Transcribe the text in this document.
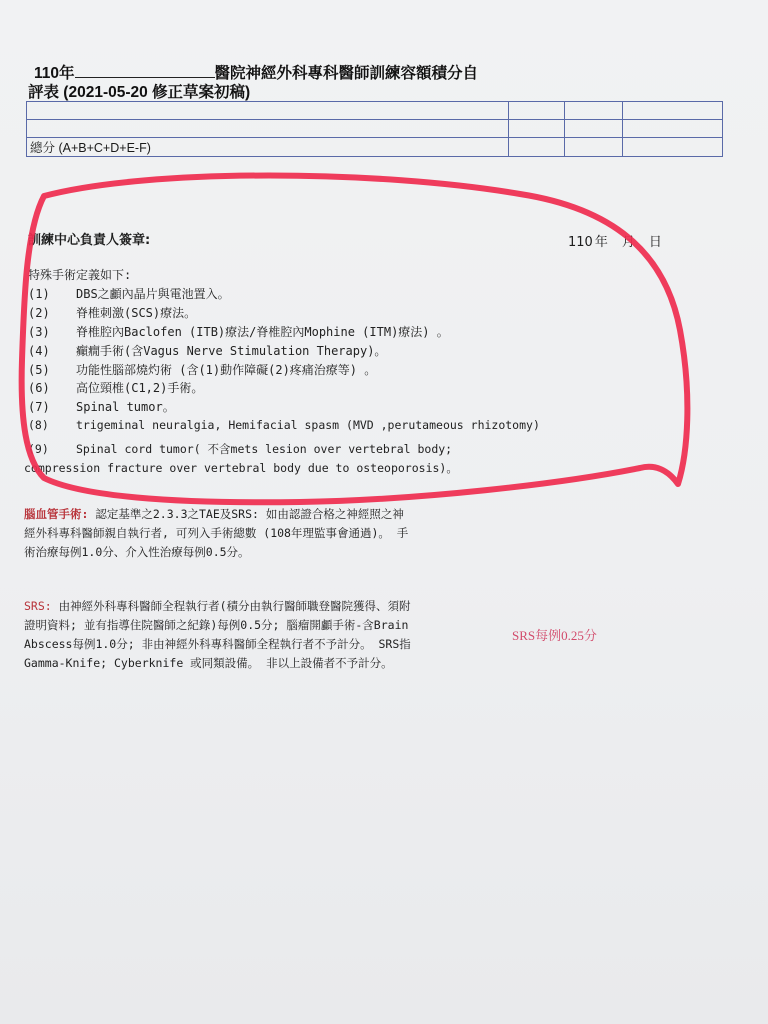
110年	醫院神經外科專科醫師訓練容額積分自
評表 (2021-05-20 修正草案初稿)

總分 (A+B+C+D+E-F)			
訓練中心負責人簽章:	110 年 月 日
特殊手術定義如下:
(1) DBS之顱內晶片與電池置入。
(2) 脊椎刺激(SCS)療法。
(3) 脊椎腔內Baclofen (ITB)療法/脊椎腔內Mophine (ITM)療法) 。
(4) 癲癇手術(含Vagus Nerve Stimulation Therapy)。
(5) 功能性腦部燒灼術 (含(1)動作障礙(2)疼痛治療等) 。
(6) 高位頸椎(C1,2)手術。
(7) Spinal tumor。
(8) trigeminal neuralgia, Hemifacial spasm (MVD ,perutameous rhizotomy)
(9) Spinal cord tumor( 不含mets lesion over vertebral body;
compression fracture over vertebral body due to osteoporosis)。
腦血管手術: 認定基準之2.3.3之TAE及SRS: 如由認證合格之神經照之神
經外科專科醫師親自執行者, 可列入手術總數 (108年理監事會通過)。 手
術治療每例1.0分、介入性治療每例0.5分。
SRS: 由神經外科專科醫師全程執行者(積分由執行醫師職登醫院獲得、須附
證明資料; 並有指導住院醫師之紀錄)每例0.5分; 腦瘤開顱手術-含Brain
Abscess每例1.0分; 非由神經外科專科醫師全程執行者不予計分。 SRS指
Gamma-Knife; Cyberknife 或同類設備。 非以上設備者不予計分。
SRS每例0.25分
